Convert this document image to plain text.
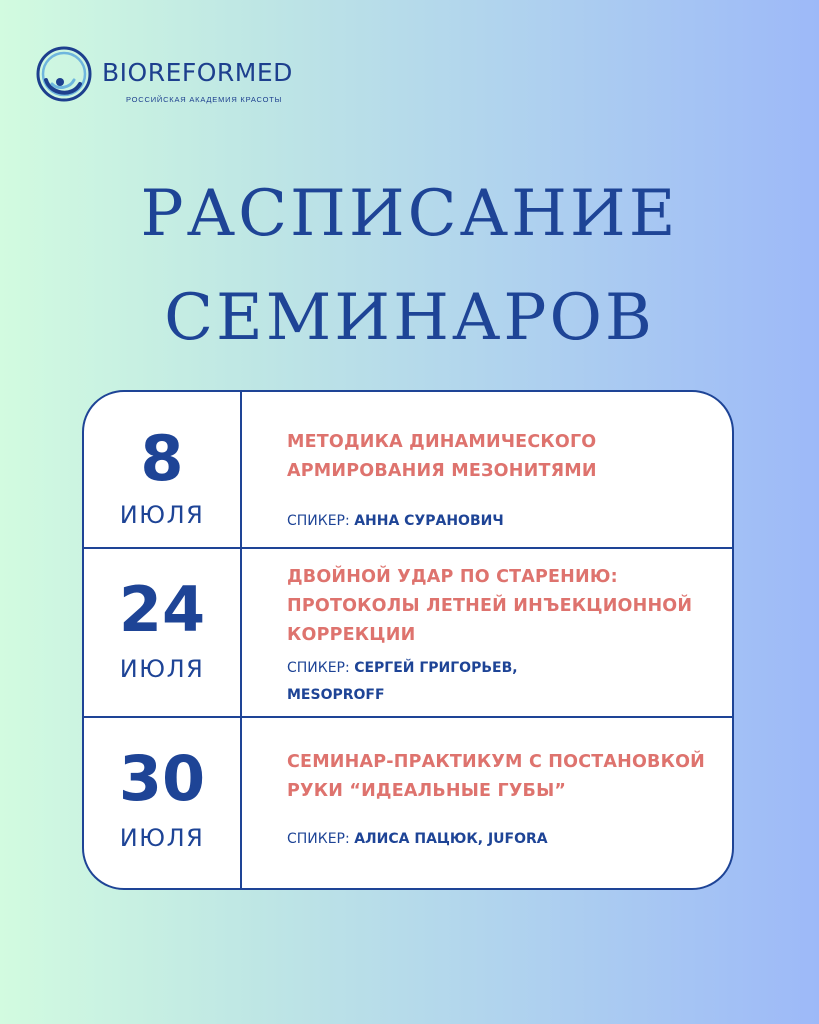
BIOREFORMED
РОССИЙСКАЯ АКАДЕМИЯ КРАСОТЫ
РАСПИСАНИЕ
СЕМИНАРОВ
8
ИЮЛЯ

МЕТОДИКА ДИНАМИЧЕСКОГО АРМИРОВАНИЯ МЕЗОНИТЯМИ

СПИКЕР: АННА СУРАНОВИЧ
24
ИЮЛЯ

ДВОЙНОЙ УДАР ПО СТАРЕНИЮ: ПРОТОКОЛЫ ЛЕТНЕЙ ИНЪЕКЦИОННОЙ КОРРЕКЦИИ

СПИКЕР: СЕРГЕЙ ГРИГОРЬЕВ, MESOPROFF
30
ИЮЛЯ

СЕМИНАР-ПРАКТИКУМ С ПОСТАНОВКОЙ РУКИ “ИДЕАЛЬНЫЕ ГУБЫ”

СПИКЕР: АЛИСА ПАЦЮК, JUFORA
